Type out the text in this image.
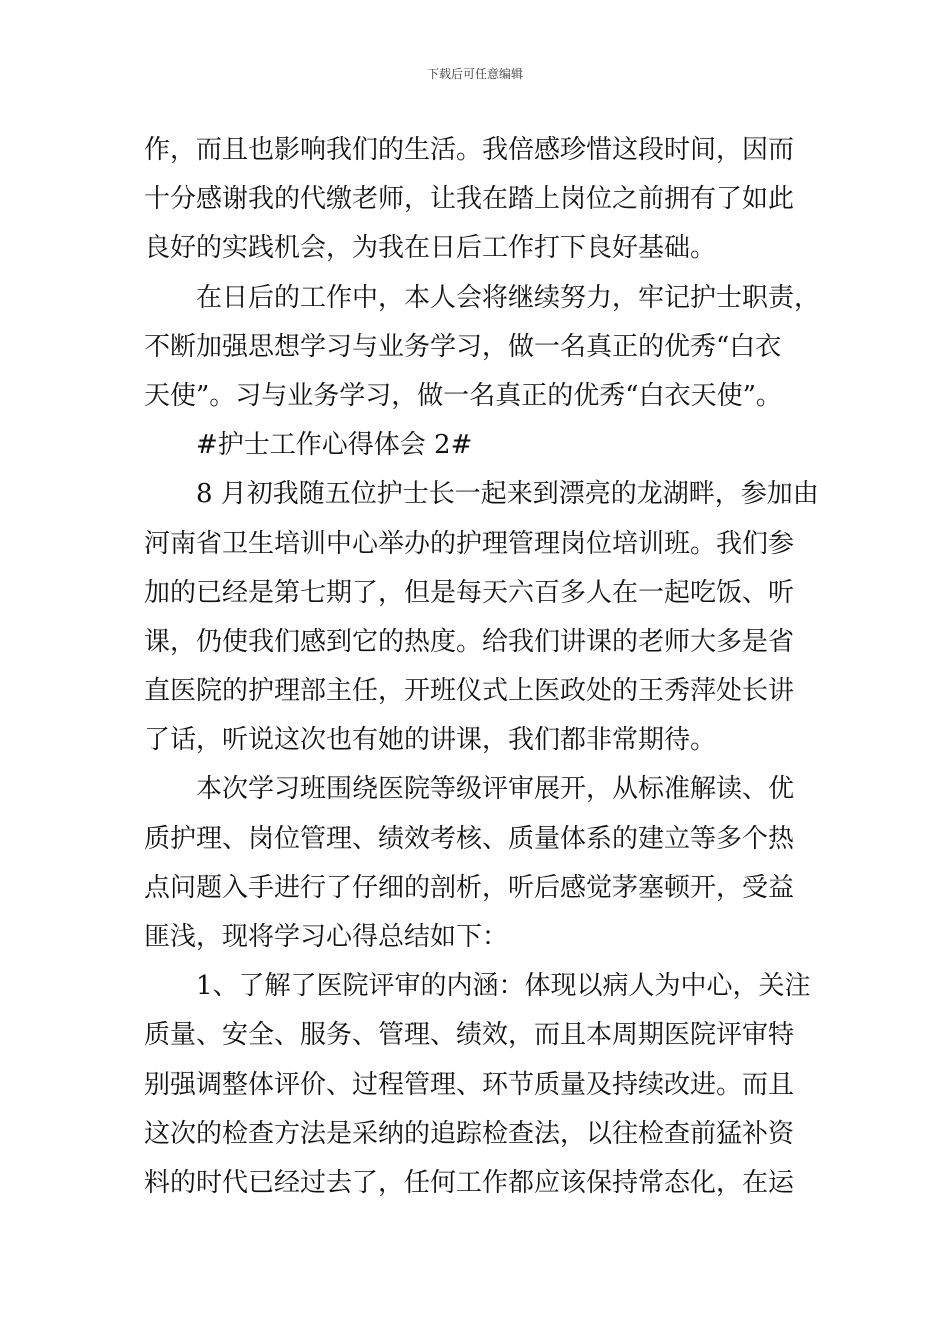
下载后可任意编辑
作，而且也影响我们的生活。我倍感珍惜这段时间，因而
十分感谢我的代缴老师，让我在踏上岗位之前拥有了如此
良好的实践机会，为我在日后工作打下良好基础。
在日后的工作中，本人会将继续努力，牢记护士职责，
不断加强思想学习与业务学习，做一名真正的优秀“白衣
天使”。习与业务学习，做一名真正的优秀“白衣天使”。
#护士工作心得体会 2#
8 月初我随五位护士长一起来到漂亮的龙湖畔，参加由
河南省卫生培训中心举办的护理管理岗位培训班。我们参
加的已经是第七期了，但是每天六百多人在一起吃饭、听
课，仍使我们感到它的热度。给我们讲课的老师大多是省
直医院的护理部主任，开班仪式上医政处的王秀萍处长讲
了话，听说这次也有她的讲课，我们都非常期待。
本次学习班围绕医院等级评审展开，从标准解读、优
质护理、岗位管理、绩效考核、质量体系的建立等多个热
点问题入手进行了仔细的剖析，听后感觉茅塞顿开，受益
匪浅，现将学习心得总结如下：
1、了解了医院评审的内涵：体现以病人为中心，关注
质量、安全、服务、管理、绩效，而且本周期医院评审特
别强调整体评价、过程管理、环节质量及持续改进。而且
这次的检查方法是采纳的追踪检查法，以往检查前猛补资
料的时代已经过去了，任何工作都应该保持常态化，在运
